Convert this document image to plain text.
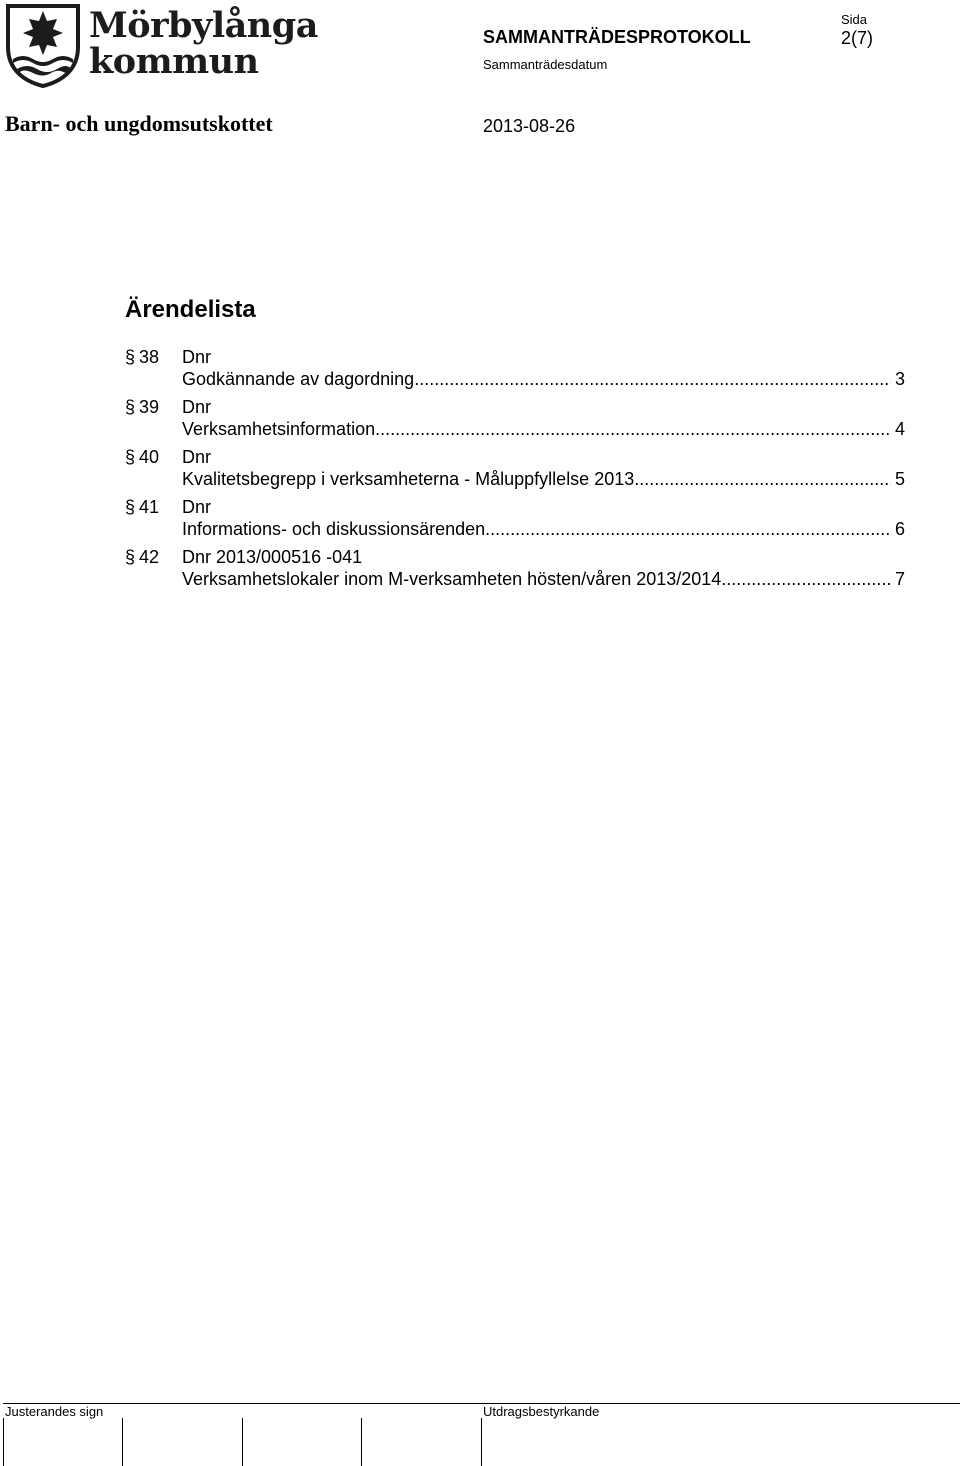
Mörbylånga
kommun
SAMMANTRÄDESPROTOKOLL
Sammanträdesdatum
Sida
2(7)
Barn- och ungdomsutskottet	2013-08-26
Ärendelista
§ 38 Dnr
Godkännande av dagordning .....	3
§ 39 Dnr
Verksamhetsinformation .....	4
§ 40 Dnr
Kvalitetsbegrepp i verksamheterna - Måluppfyllelse 2013 .....	5
§ 41 Dnr
Informations- och diskussionsärenden .....	6
§ 42 Dnr 2013/000516 -041
Verksamhetslokaler inom M-verksamheten hösten/våren 2013/2014 .....	7
Justerandes sign	Utdragsbestyrkande
